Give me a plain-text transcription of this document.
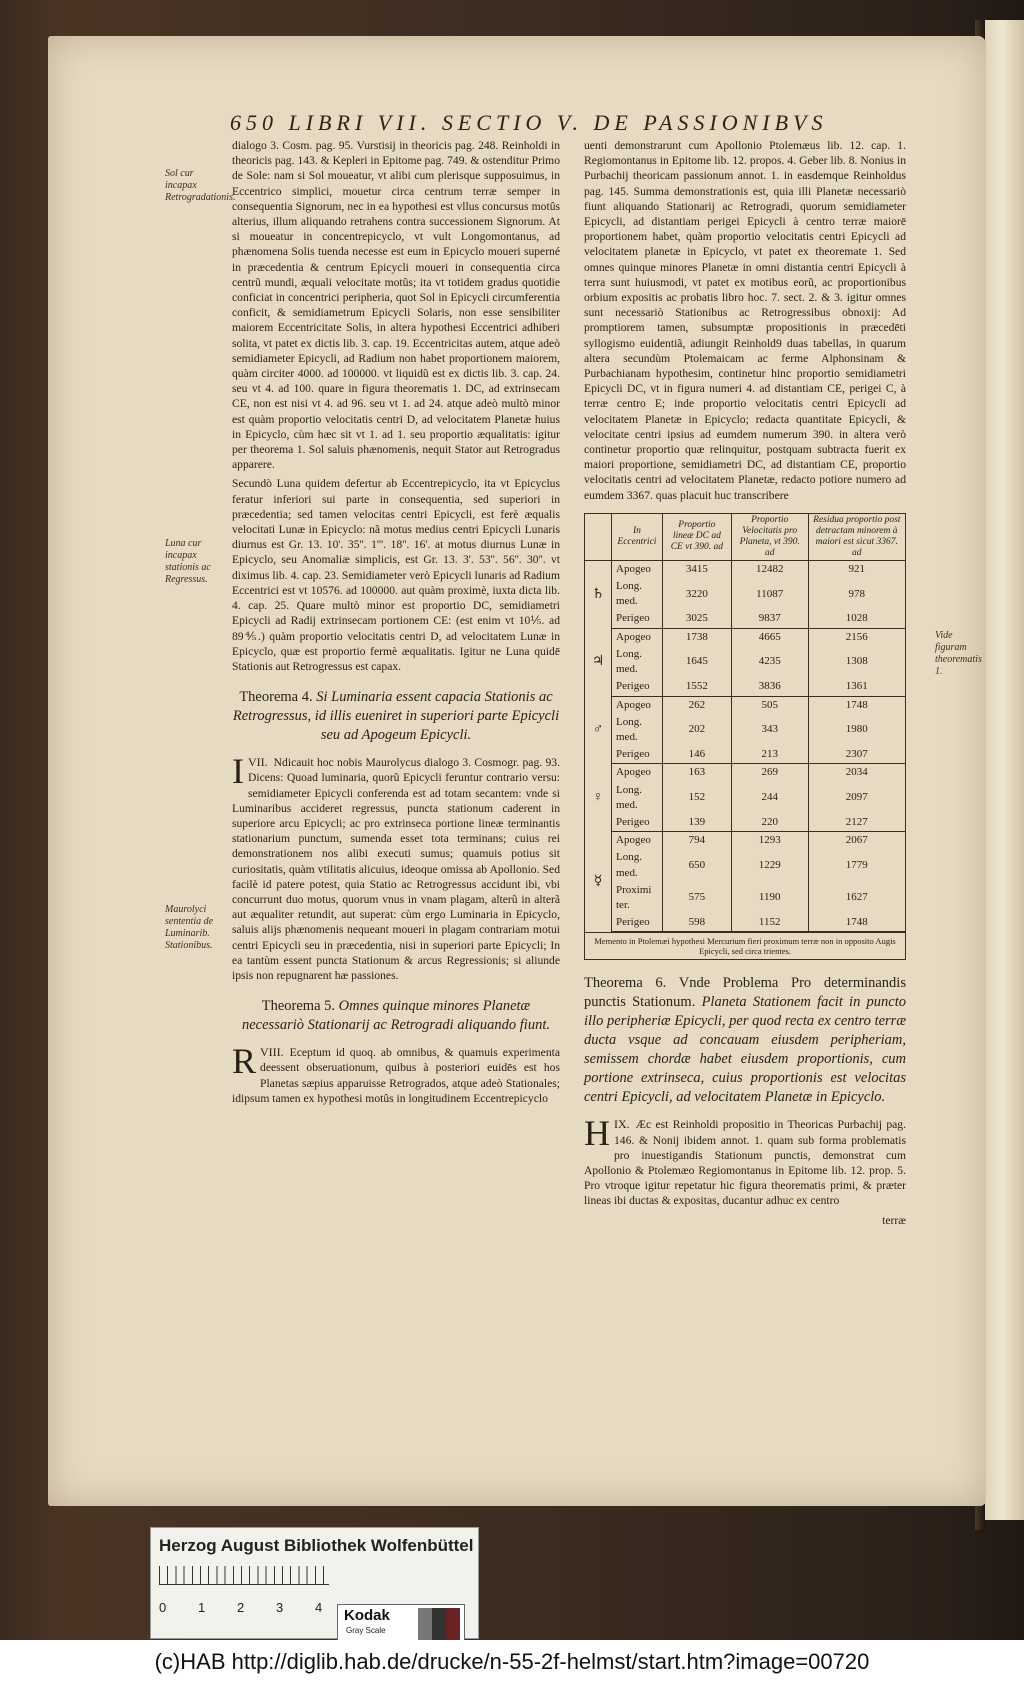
650 LIBRI VII. SECTIO V. DE PASSIONIBVS
Sol cur incapax Retrogradationis.
Luna cur incapax stationis ac Regressus.
Maurolyci sententia de Luminarib. Stationibus.
Vide figuram theorematis 1.

dialogo 3. Cosm. pag. 95. Vurstisij in theoricis pag. 248. Reinholdi in theoricis pag. 143. & Kepleri in Epitome pag. 749. & ostenditur Primo de Sole: nam si Sol moueatur, vt alibi cum plerisque supposuimus, in Eccentrico simplici, mouetur circa centrum terræ semper in consequentia Signorum, nec in ea hypothesi est vllus concursus motûs alterius, illum aliquando retrahens contra successionem Signorum. At si moueatur in concentrepicyclo, vt vult Longomontanus, ad phænomena Solis tuenda necesse est eum in Epicyclo moueri superné in præcedentia & centrum Epicycli moueri in consequentia circa centrũ mundi, æquali velocitate motûs; ita vt totidem gradus quotidie conficiat in concentrici peripheria, quot Sol in Epicycli circumferentia conficit, & semidiametrum Epicycli Solaris, non esse sensibiliter maiorem Eccentricitate Solis, in altera hypothesi Eccentrici adhiberi solita, vt patet ex dictis lib. 3. cap. 19. Eccentricitas autem, atque adeò semidiameter Epicycli, ad Radium non habet proportionem maiorem, quàm circiter 4000. ad 100000. vt liquidũ est ex dictis lib. 3. cap. 24. seu vt 4. ad 100. quare in figura theorematis 1. DC, ad extrinsecam CE, non est nisi vt 4. ad 96. seu vt 1. ad 24. atque adeò multò minor est quàm proportio velocitatis centri D, ad velocitatem Planetæ huius in Epicyclo, cùm hæc sit vt 1. ad 1. seu proportio æqualitatis: igitur per theorema 1. Sol saluis phænomenis, nequit Stator aut Retrogradus apparere.

Secundò Luna quidem defertur ab Eccentrepicyclo, ita vt Epicyclus feratur inferiori sui parte in consequentia, sed superiori in præcedentia; sed tamen velocitas centri Epicycli, est ferè æqualis velocitati Lunæ in Epicyclo: nã motus medius centri Epicycli Lunaris diurnus est Gr. 13. 10'. 35''. 1'''. 18''. 16'. at motus diurnus Lunæ in Epicyclo, seu Anomaliæ simplicis, est Gr. 13. 3'. 53''. 56''. 30''. vt diximus lib. 4. cap. 23. Semidiameter verò Epicycli lunaris ad Radium Eccentrici est vt 10576. ad 100000. aut quàm proximè, iuxta dicta lib. 4. cap. 25. Quare multò minor est proportio DC, semidiametri Epicycli ad Radij extrinsecam portionem CE: (est enim vt 10⅕. ad 89⅘.) quàm proportio velocitatis centri D, ad velocitatem Lunæ in Epicyclo, quæ est proportio fermè æqualitatis. Igitur ne Luna quidē Stationis aut Retrogressus est capax.

Theorema 4. Si Luminaria essent capacia Stationis ac Retrogressus, id illis eueniret in superiori parte Epicycli seu ad Apogeum Epicycli.

VII.
I	Ndicauit hoc nobis Maurolycus dialogo 3. Cosmogr. pag. 93. Dicens: Quoad luminaria, quorũ Epicycli feruntur contrario versu: semidiameter Epicycli conferenda est ad totam secantem: vnde si Luminaribus accideret regressus, puncta stationum caderent in superiore arcu Epicycli; ac pro extrinseca portione lineæ terminantis stationarium punctum, sumenda esset tota terminans; cuius rei demonstrationem nos alibi executi sumus; quamuis potius sit curiositatis, quàm vtilitatis alicuius, ideoque omissa ab Apollonio. Sed facilè id patere potest, quia Statio ac Retrogressus accidunt ibi, vbi concurrunt duo motus, quorum vnus in vnam plagam, alterũ in alterã aut æqualiter retundit, aut superat: cùm ergo Luminaria in Epicyclo, saluis alijs phænomenis nequeant moueri in plagam contrariam motui centri Epicycli seu in præcedentia, nisi in superiori parte Epicycli; In ea tantùm essent puncta Stationum & arcus Regressionis; si aliunde ipsis non repugnarent hæ passiones.

Theorema 5. Omnes quinque minores Planetæ necessariò Stationarij ac Retrogradi aliquando fiunt.

VIII.
R	Eceptum id quoq. ab omnibus, & quamuis experimenta deessent obseruationum, quibus à posteriori euidēs est hos Planetas sæpius apparuisse Retrogrados, atque adeò Stationales; idipsum tamen ex hypothesi motûs in longitudinem Eccentrepicyclo

uenti demonstrarunt cum Apollonio Ptolemæus lib. 12. cap. 1. Regiomontanus in Epitome lib. 12. propos. 4. Geber lib. 8. Nonius in Purbachij theoricam passionum annot. 1. in easdemque Reinholdus pag. 145. Summa demonstrationis est, quia illi Planetæ necessariò fiunt aliquando Stationarij ac Retrogradi, quorum semidiameter Epicycli, ad distantiam perigei Epicycli à centro terræ maiorē proportionem habet, quàm proportio velocitatis centri Epicycli ad velocitatem planetæ in Epicyclo, vt patet ex theoremate 1. Sed omnes quinque minores Planetæ in omni distantia centri Epicycli à terra sunt huiusmodi, vt patet ex motibus eorũ, ac proportionibus orbium expositis ac probatis libro hoc. 7. sect. 2. & 3. igitur omnes sunt necessariò Stationibus ac Retrogressibus obnoxij: Ad promptiorem tamen, subsumptæ propositionis in præcedēti syllogismo euidentiã, adiungit Reinhold9 duas tabellas, in quarum altera secundùm Ptolemaicam ac ferme Alphonsinam & Purbachianam hypothesim, continetur hinc proportio semidiametri Epicycli DC, vt in figura numeri 4. ad distantiam CE, perigei C, à terræ centro E; inde proportio velocitatis centri Epicycli ad velocitatem Planetæ in Epicyclo; redacta quantitate Epicycli, & velocitate centri ipsius ad eumdem numerum 390. in altera verò continetur proportio quæ relinquitur, postquam subtracta fuerit ex maiori proportione, semidiametri DC, ad distantiam CE, proportio velocitatis centri ad velocitatem Planetæ, redacto potiore numero ad eumdem 3367. quas placuit huc transcribere

	In Eccentrici	Proportio lineæ DC ad CE vt 390. ad	Proportio Velocitatis pro Planeta, vt 390. ad	Residua proportio post detractam minorem à maiori est sicut 3367. ad
♄	Apogeo	3415	12482	921
	Long. med.	3220	11087	978
	Perigeo	3025	9837	1028
♃	Apogeo	1738	4665	2156
	Long. med.	1645	4235	1308
	Perigeo	1552	3836	1361
♂	Apogeo	262	505	1748
	Long. med.	202	343	1980
	Perigeo	146	213	2307
♀	Apogeo	163	269	2034
	Long. med.	152	244	2097
	Perigeo	139	220	2127
☿	Apogeo	794	1293	2067
	Long. med.	650	1229	1779
	Proximi ter.	575	1190	1627
	Perigeo	598	1152	1748
Memento in Ptolemæi hypothesi Mercurium fieri proximum terræ non in opposito Augis Epicycli, sed circa trientes.
Theorema 6. Vnde Problema Pro determinandis punctis Stationum. Planeta Stationem facit in puncto illo peripheriæ Epicycli, per quod recta ex centro terræ ducta vsque ad concauam eiusdem peripheriam, semissem chordæ habet eiusdem proportionis, cum portione extrinseca, cuius proportionis est velocitas centri Epicycli, ad velocitatem Planetæ in Epicyclo.

IX.
H Æc est Reinholdi propositio in Theoricas Purbachij pag. 146. & Nonij ibidem annot. 1. quam sub forma problematis pro inuestigandis Stationum punctis, demonstrat cum Apollonio & Ptolemæo Regiomontanus in Epitome lib. 12. prop. 5. Pro vtroque igitur repetatur hic figura theorematis primi, & præter lineas ibi ductas & expositas, ducantur adhuc ex centro

terræ

Herzog August Bibliothek Wolfenbüttel
0 1 2 3 4 Kodak
Gray Scale
(c)HAB http://diglib.hab.de/drucke/n-55-2f-helmst/start.htm?image=00720
